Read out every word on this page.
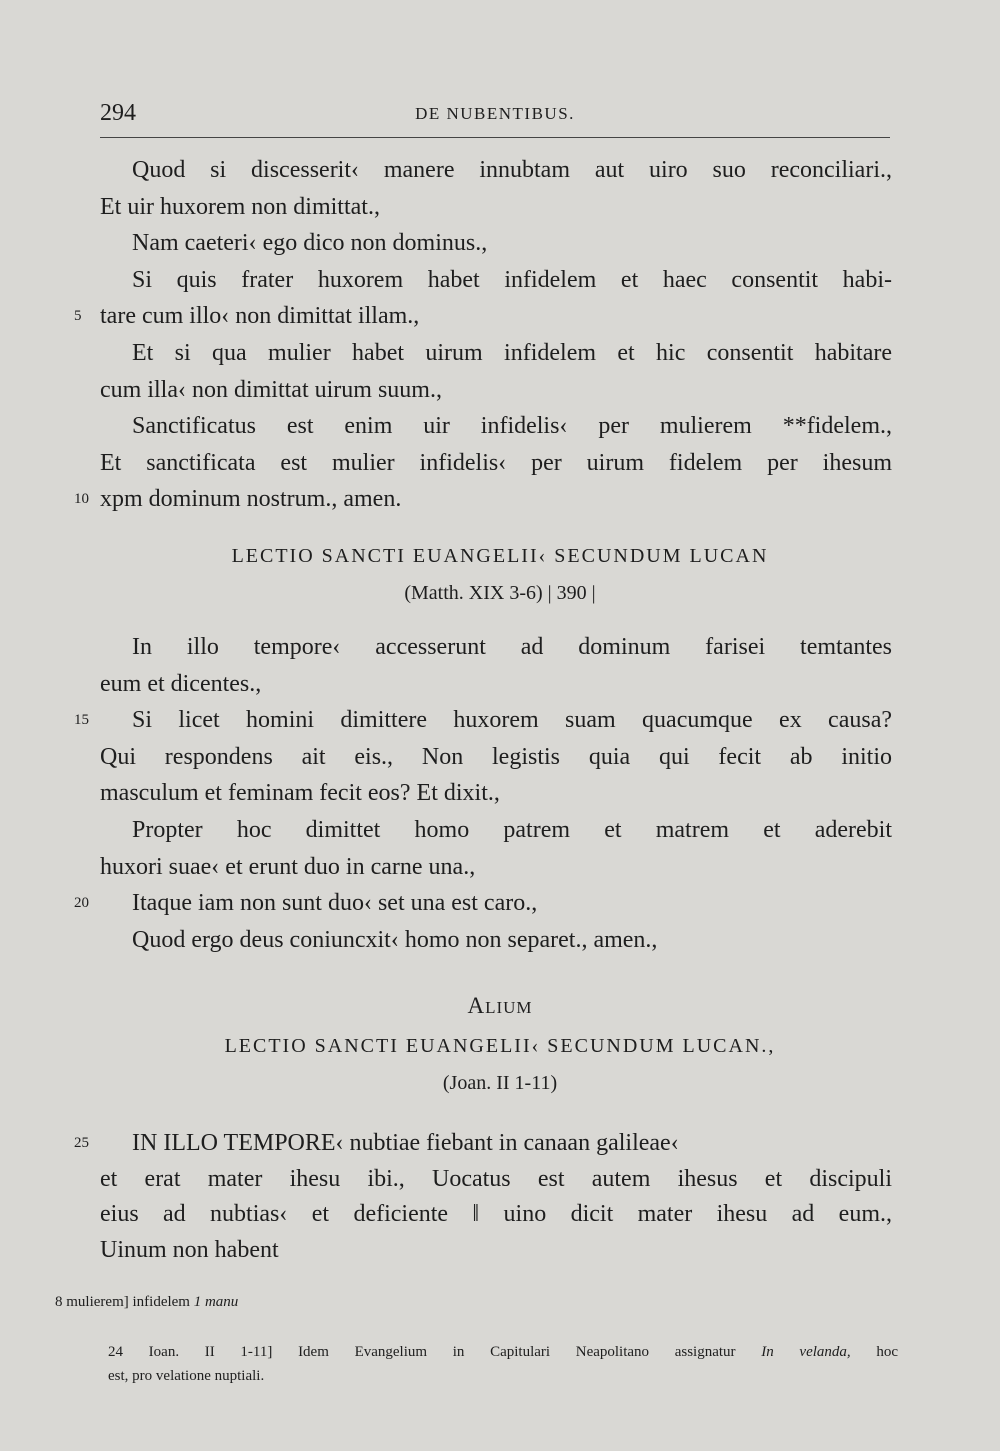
294	DE NUBENTIBUS.
Quod si discesserit‹ manere innubtam aut uiro suo reconciliari.,
Et uir huxorem non dimittat.,
Nam caeteri‹ ego dico non dominus.,
Si quis frater huxorem habet infidelem et haec consentit habi-
5 tare cum illo‹ non dimittat illam.,
Et si qua mulier habet uirum infidelem et hic consentit habitare
cum illa‹ non dimittat uirum suum.,
Sanctificatus est enim uir infidelis‹ per mulierem **fidelem.,
Et sanctificata est mulier infidelis‹ per uirum fidelem per ihesum
10 xpm dominum nostrum., amen.
LECTIO SANCTI EUANGELII‹ SECUNDUM LUCAN
(Matth. XIX 3-6) | 390 |
In illo tempore‹ accesserunt ad dominum farisei temtantes
eum et dicentes.,
15 Si licet homini dimittere huxorem suam quacumque ex causa?
Qui respondens ait eis., Non legistis quia qui fecit ab initio
masculum et feminam fecit eos? Et dixit.,
Propter hoc dimittet homo patrem et matrem et aderebit
huxori suae‹ et erunt duo in carne una.,
20 Itaque iam non sunt duo‹ set una est caro.,
Quod ergo deus coniuncxit‹ homo non separet., amen.,
ALIUM
LECTIO SANCTI EUANGELII‹ SECUNDUM LUCAN.,
(Joan. II 1-11)
25 IN ILLO TEMPORE‹ nubtiae fiebant in canaan galileae‹
et erat mater ihesu ibi., Uocatus est autem ihesus et discipuli
eius ad nubtias‹ et deficiente ‖ uino dicit mater ihesu ad eum.,
Uinum non habent
8 mulierem] infidelem 1 manu
24 Ioan. II 1-11] Idem Evangelium in Capitulari Neapolitano assignatur In velanda, hoc
est, pro velatione nuptiali.
